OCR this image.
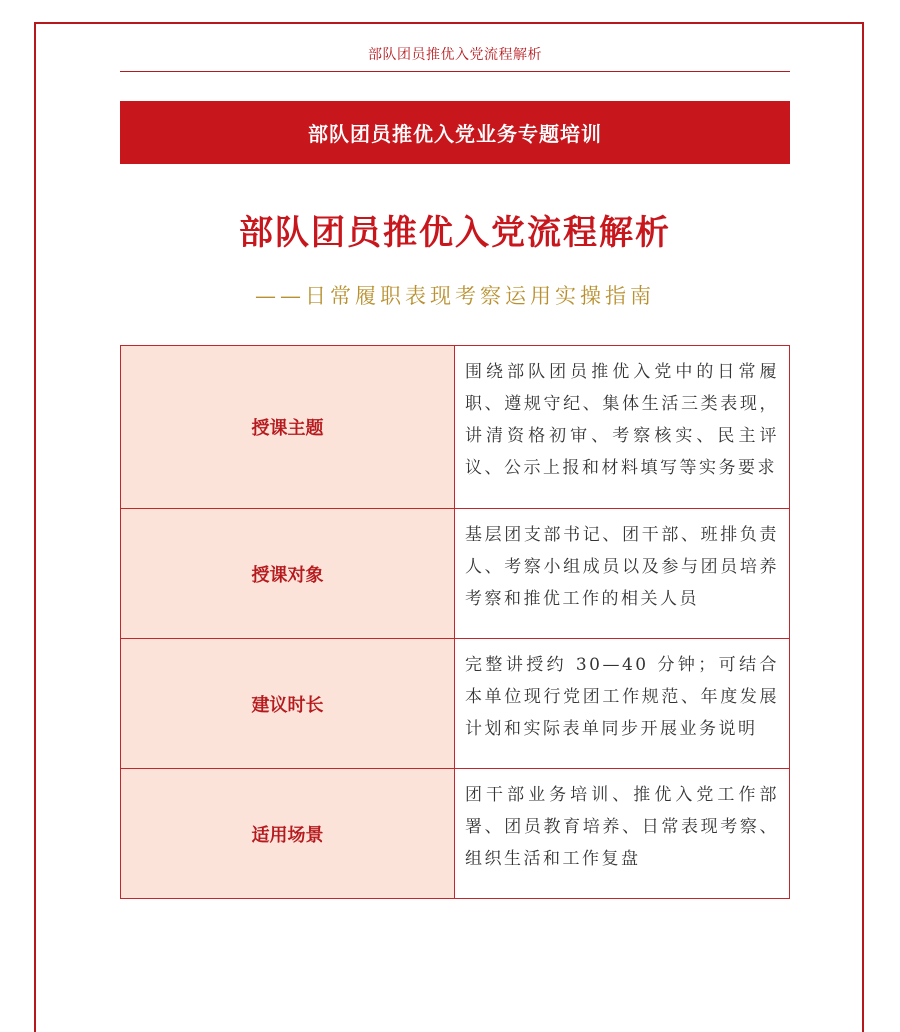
部队团员推优入党流程解析
部队团员推优入党业务专题培训
部队团员推优入党流程解析
——日常履职表现考察运用实操指南
授课主题	围绕部队团员推优入党中的日常履职、遵规守纪、集体生活三类表现，讲清资格初审、考察核实、民主评议、公示上报和材料填写等实务要求
授课对象	基层团支部书记、团干部、班排负责人、考察小组成员以及参与团员培养考察和推优工作的相关人员
建议时长	完整讲授约 30—40 分钟；可结合本单位现行党团工作规范、年度发展计划和实际表单同步开展业务说明
适用场景	团干部业务培训、推优入党工作部署、团员教育培养、日常表现考察、组织生活和工作复盘
